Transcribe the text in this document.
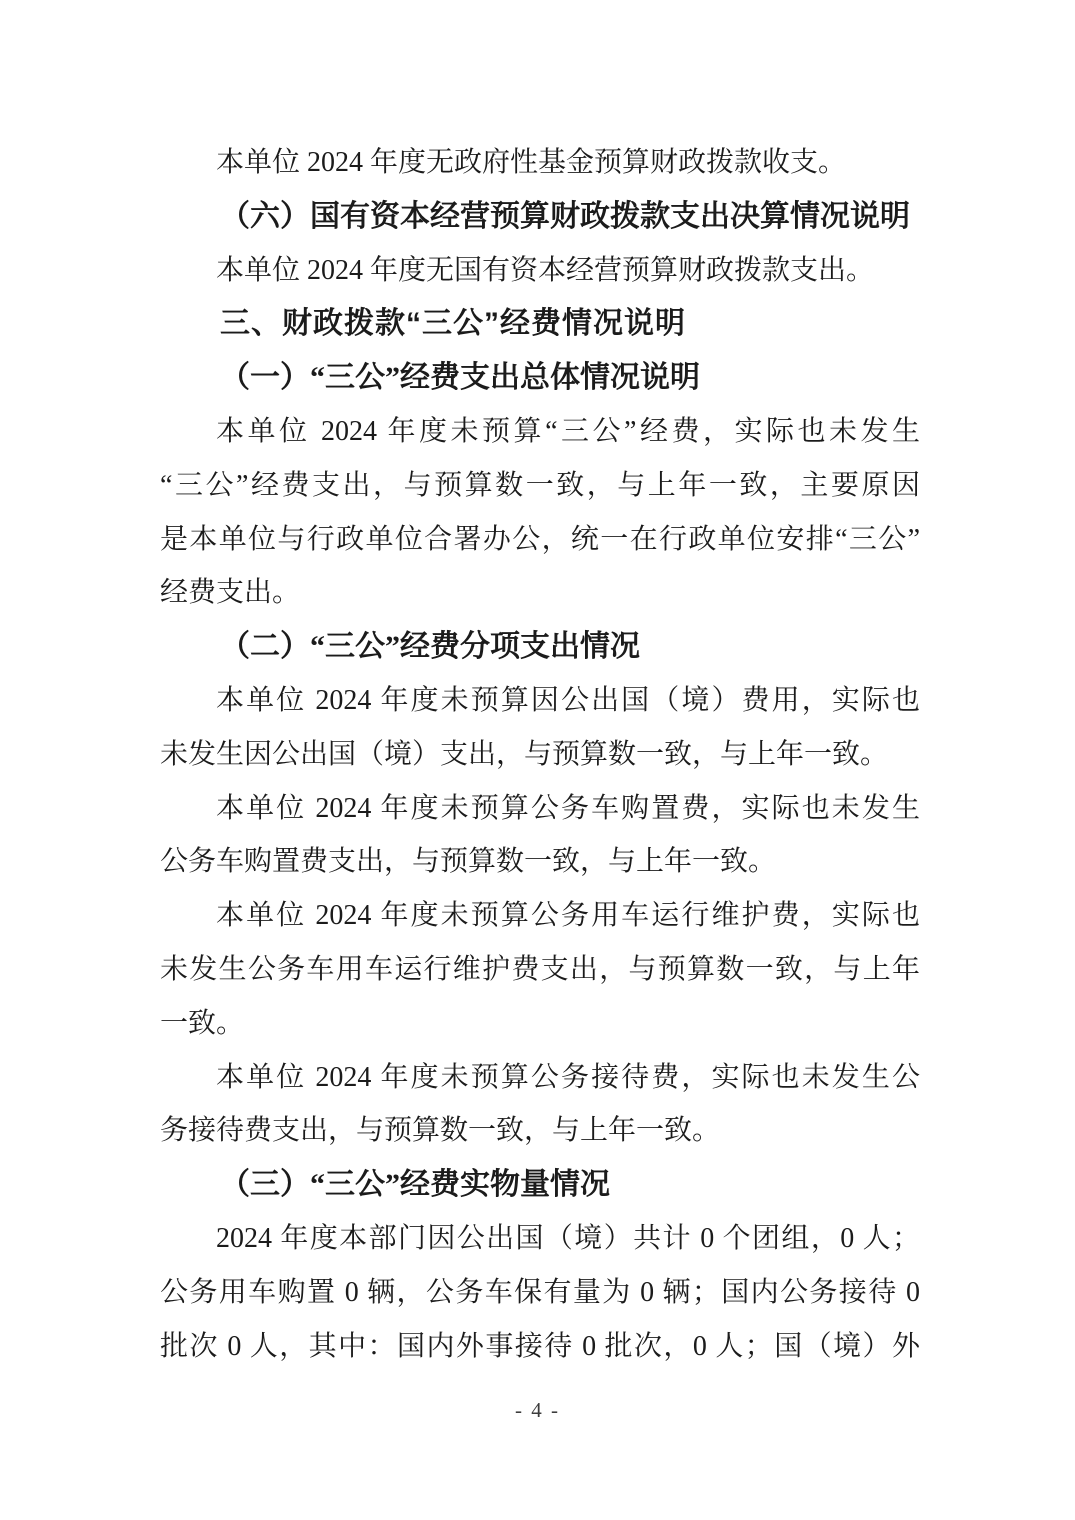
本单位 2024 年度无政府性基金预算财政拨款收支。
（六）国有资本经营预算财政拨款支出决算情况说明
本单位 2024 年度无国有资本经营预算财政拨款支出。
三、财政拨款“三公”经费情况说明
（一）“三公”经费支出总体情况说明
本单位 2024 年度未预算“三公”经费，实际也未发生
“三公”经费支出，与预算数一致，与上年一致，主要原因
是本单位与行政单位合署办公，统一在行政单位安排“三公”
经费支出。
（二）“三公”经费分项支出情况
本单位 2024 年度未预算因公出国（境）费用，实际也
未发生因公出国（境）支出，与预算数一致，与上年一致。
本单位 2024 年度未预算公务车购置费，实际也未发生
公务车购置费支出，与预算数一致，与上年一致。
本单位 2024 年度未预算公务用车运行维护费，实际也
未发生公务车用车运行维护费支出，与预算数一致，与上年
一致。
本单位 2024 年度未预算公务接待费，实际也未发生公
务接待费支出，与预算数一致，与上年一致。
（三）“三公”经费实物量情况
2024 年度本部门因公出国（境）共计 0 个团组，0 人；
公务用车购置 0 辆，公务车保有量为 0 辆；国内公务接待 0
批次 0 人，其中：国内外事接待 0 批次，0 人；国（境）外
- 4 -
